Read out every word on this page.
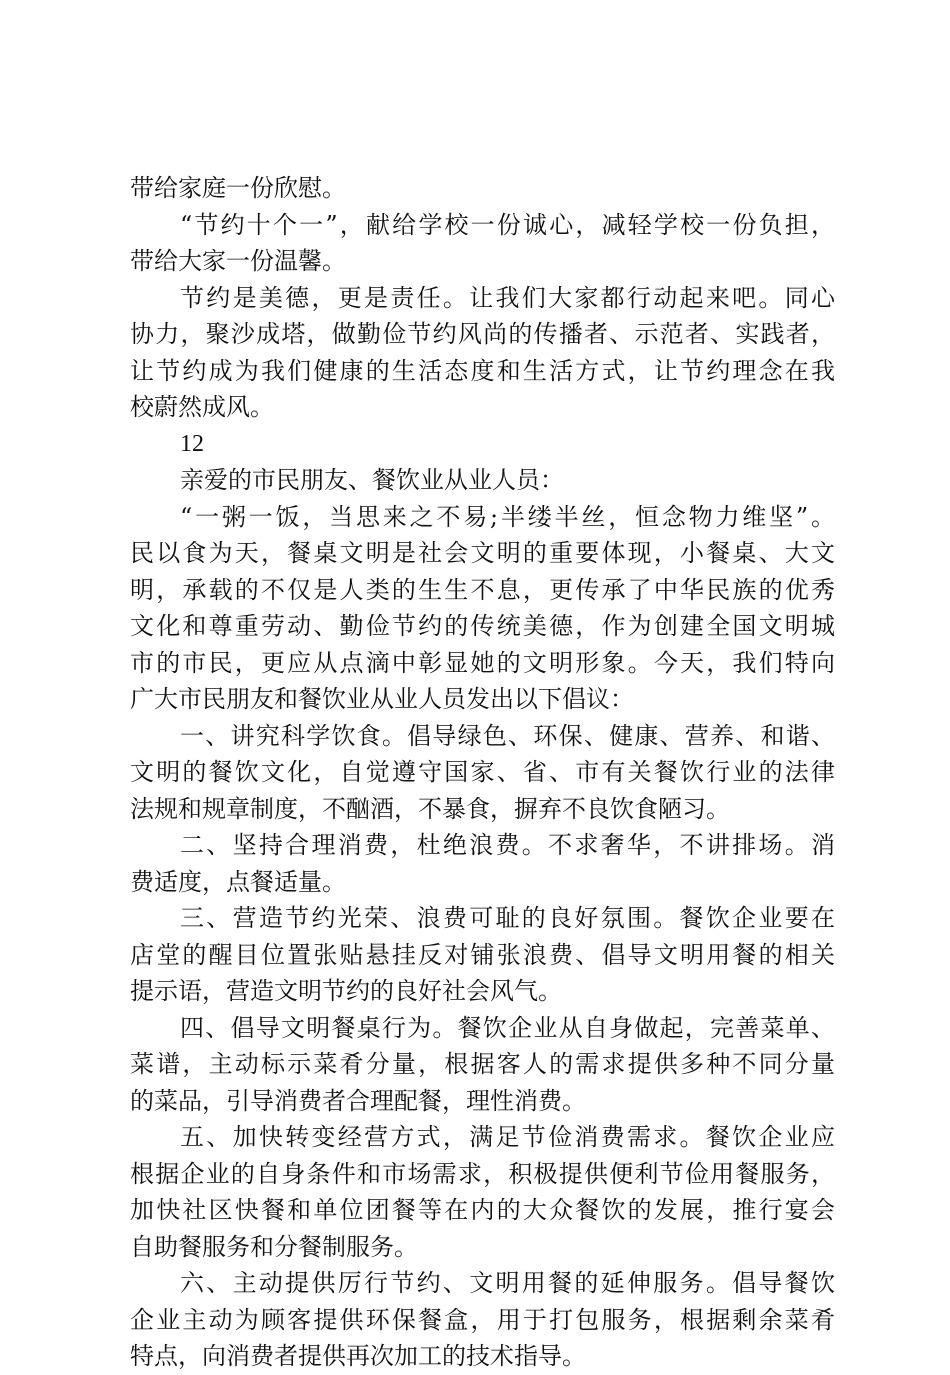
带给家庭一份欣慰。
“节约十个一”，献给学校一份诚心，减轻学校一份负担，
带给大家一份温馨。
节约是美德，更是责任。让我们大家都行动起来吧。同心
协力，聚沙成塔，做勤俭节约风尚的传播者、示范者、实践者，
让节约成为我们健康的生活态度和生活方式，让节约理念在我
校蔚然成风。
12
亲爱的市民朋友、餐饮业从业人员：
“一粥一饭，当思来之不易;半缕半丝，恒念物力维坚”。
民以食为天，餐桌文明是社会文明的重要体现，小餐桌、大文
明，承载的不仅是人类的生生不息，更传承了中华民族的优秀
文化和尊重劳动、勤俭节约的传统美德，作为创建全国文明城
市的市民，更应从点滴中彰显她的文明形象。今天，我们特向
广大市民朋友和餐饮业从业人员发出以下倡议：
一、讲究科学饮食。倡导绿色、环保、健康、营养、和谐、
文明的餐饮文化，自觉遵守国家、省、市有关餐饮行业的法律
法规和规章制度，不酗酒，不暴食，摒弃不良饮食陋习。
二、坚持合理消费，杜绝浪费。不求奢华，不讲排场。消
费适度，点餐适量。
三、营造节约光荣、浪费可耻的良好氛围。餐饮企业要在
店堂的醒目位置张贴悬挂反对铺张浪费、倡导文明用餐的相关
提示语，营造文明节约的良好社会风气。
四、倡导文明餐桌行为。餐饮企业从自身做起，完善菜单、
菜谱，主动标示菜肴分量，根据客人的需求提供多种不同分量
的菜品，引导消费者合理配餐，理性消费。
五、加快转变经营方式，满足节俭消费需求。餐饮企业应
根据企业的自身条件和市场需求，积极提供便利节俭用餐服务，
加快社区快餐和单位团餐等在内的大众餐饮的发展，推行宴会
自助餐服务和分餐制服务。
六、主动提供厉行节约、文明用餐的延伸服务。倡导餐饮
企业主动为顾客提供环保餐盒，用于打包服务，根据剩余菜肴
特点，向消费者提供再次加工的技术指导。
